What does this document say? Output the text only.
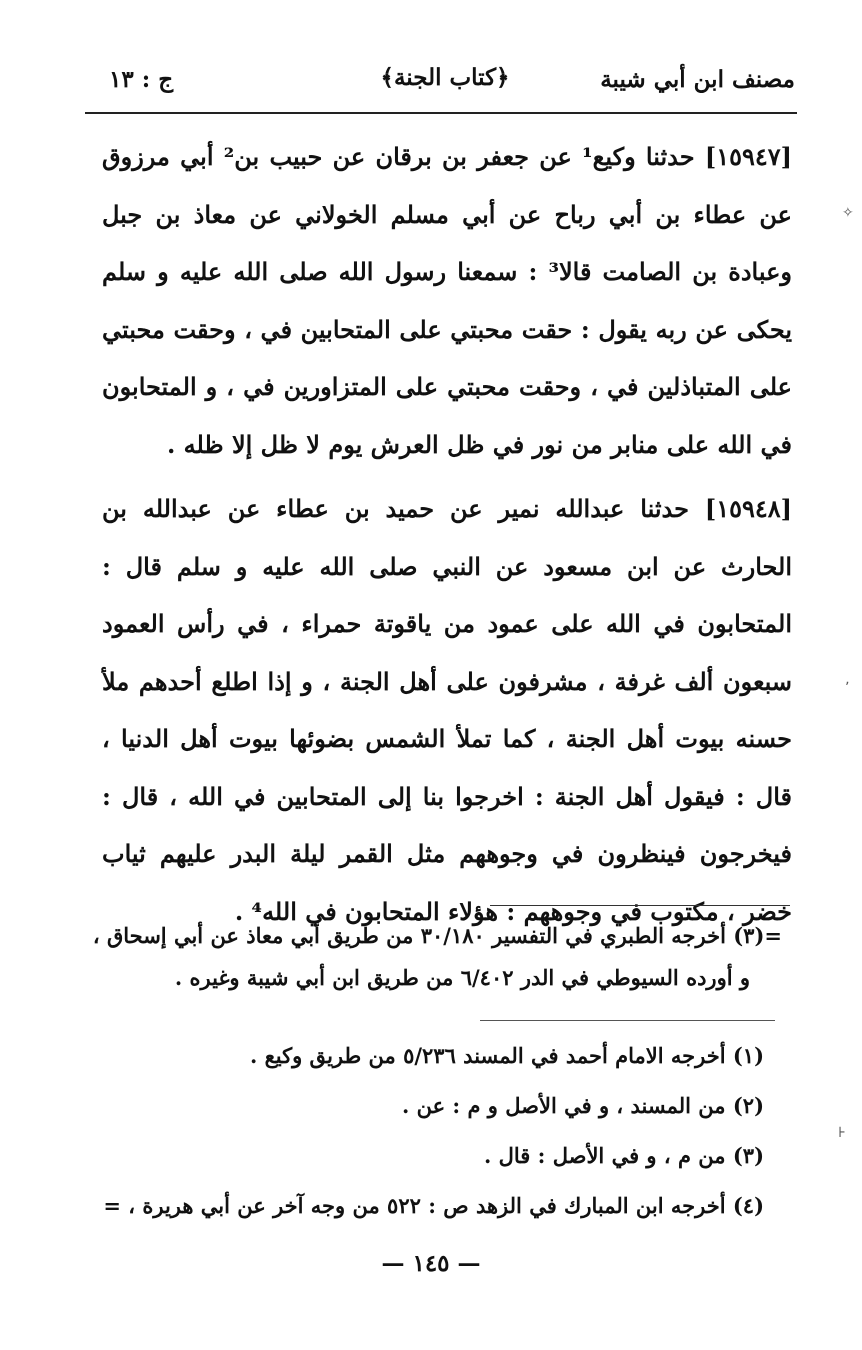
مصنف ابن أبي شيبة
﴿كتاب الجنة﴾
ج : ١٣
[١٥٩٤٧] حدثنا وكيع¹ عن جعفر بن برقان عن حبيب بن² أبي مرزوق عن عطاء بن أبي رباح عن أبي مسلم الخولاني عن معاذ بن جبل وعبادة بن الصامت قالا³ : سمعنا رسول الله صلى الله عليه و سلم يحكى عن ربه يقول : حقت محبتي على المتحابين في ، وحقت محبتي على المتباذلين في ، وحقت محبتي على المتزاورين في ، و المتحابون في الله على منابر من نور في ظل العرش يوم لا ظل إلا ظله .
[١٥٩٤٨] حدثنا عبدالله نمير عن حميد بن عطاء عن عبدالله بن الحارث عن ابن مسعود عن النبي صلى الله عليه و سلم قال : المتحابون في الله على عمود من ياقوتة حمراء ، في رأس العمود سبعون ألف غرفة ، مشرفون على أهل الجنة ، و إذا اطلع أحدهم ملأ حسنه بيوت أهل الجنة ، كما تملأ الشمس بضوئها بيوت أهل الدنيا ، قال : فيقول أهل الجنة : اخرجوا بنا إلى المتحابين في الله ، قال : فيخرجون فينظرون في وجوههم مثل القمر ليلة البدر عليهم ثياب خضر ، مكتوب في وجوههم : هؤلاء المتحابون في الله⁴ .
=(٣) أخرجه الطبري في التفسير ٣٠/١٨٠ من طريق أبي معاذ عن أبي إسحاق ،
و أورده السيوطي في الدر ٦/٤٠٢ من طريق ابن أبي شيبة وغيره .
(١) أخرجه الامام أحمد في المسند ٥/٢٣٦ من طريق وكيع .
(٢) من المسند ، و في الأصل و م : عن .
(٣) من م ، و في الأصل : قال .
(٤) أخرجه ابن المبارك في الزهد ص : ٥٢٢ من وجه آخر عن أبي هريرة ، =
— ١٤٥ —
✧
٬
⊦
